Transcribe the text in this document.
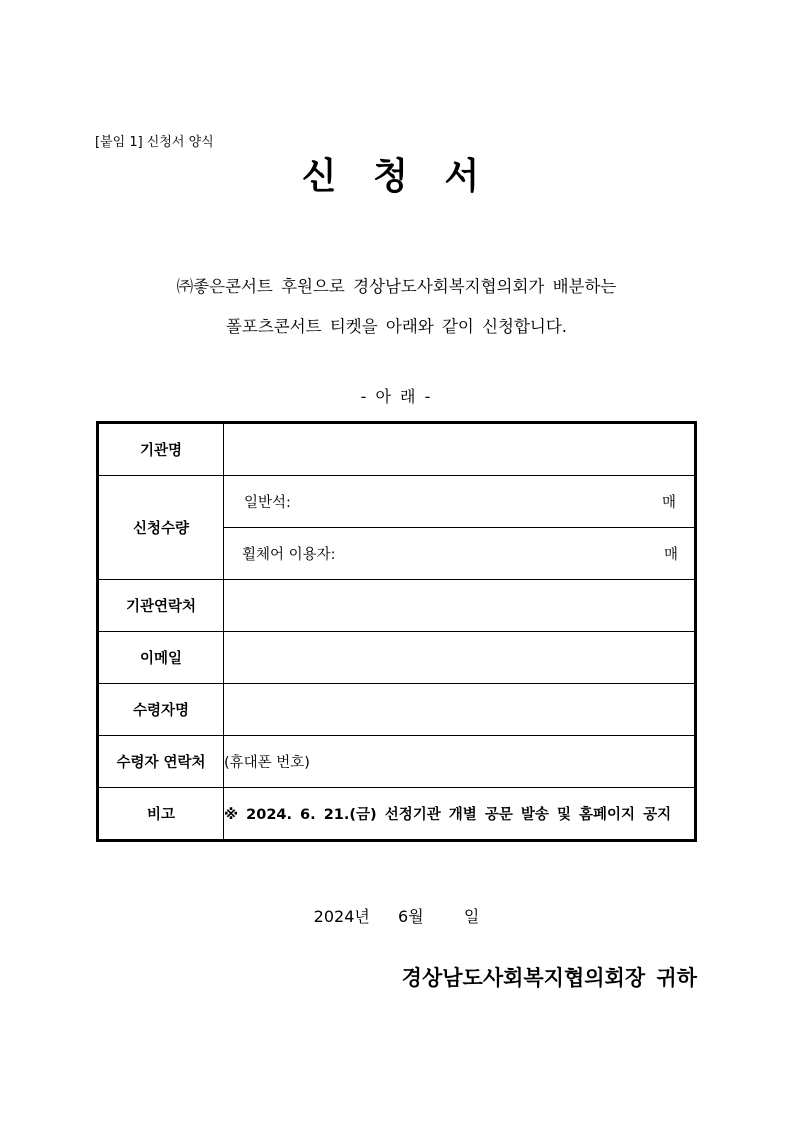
[붙임 1] 신청서 양식
신 청 서
㈜좋은콘서트 후원으로 경상남도사회복지협의회가 배분하는
폴포츠콘서트 티켓을 아래와 같이 신청합니다.
- 아 래 -
기관명	
신청수량	일반석: 매

	휠체어 이용자: 매

기관연락처	
이메일	
수령자명	
수령자 연락처	(휴대폰 번호)
비고	※ 2024. 6. 21.(금) 선정기관 개별 공문 발송 및 홈페이지 공지
2024년 6월	일
경상남도사회복지협의회장 귀하
